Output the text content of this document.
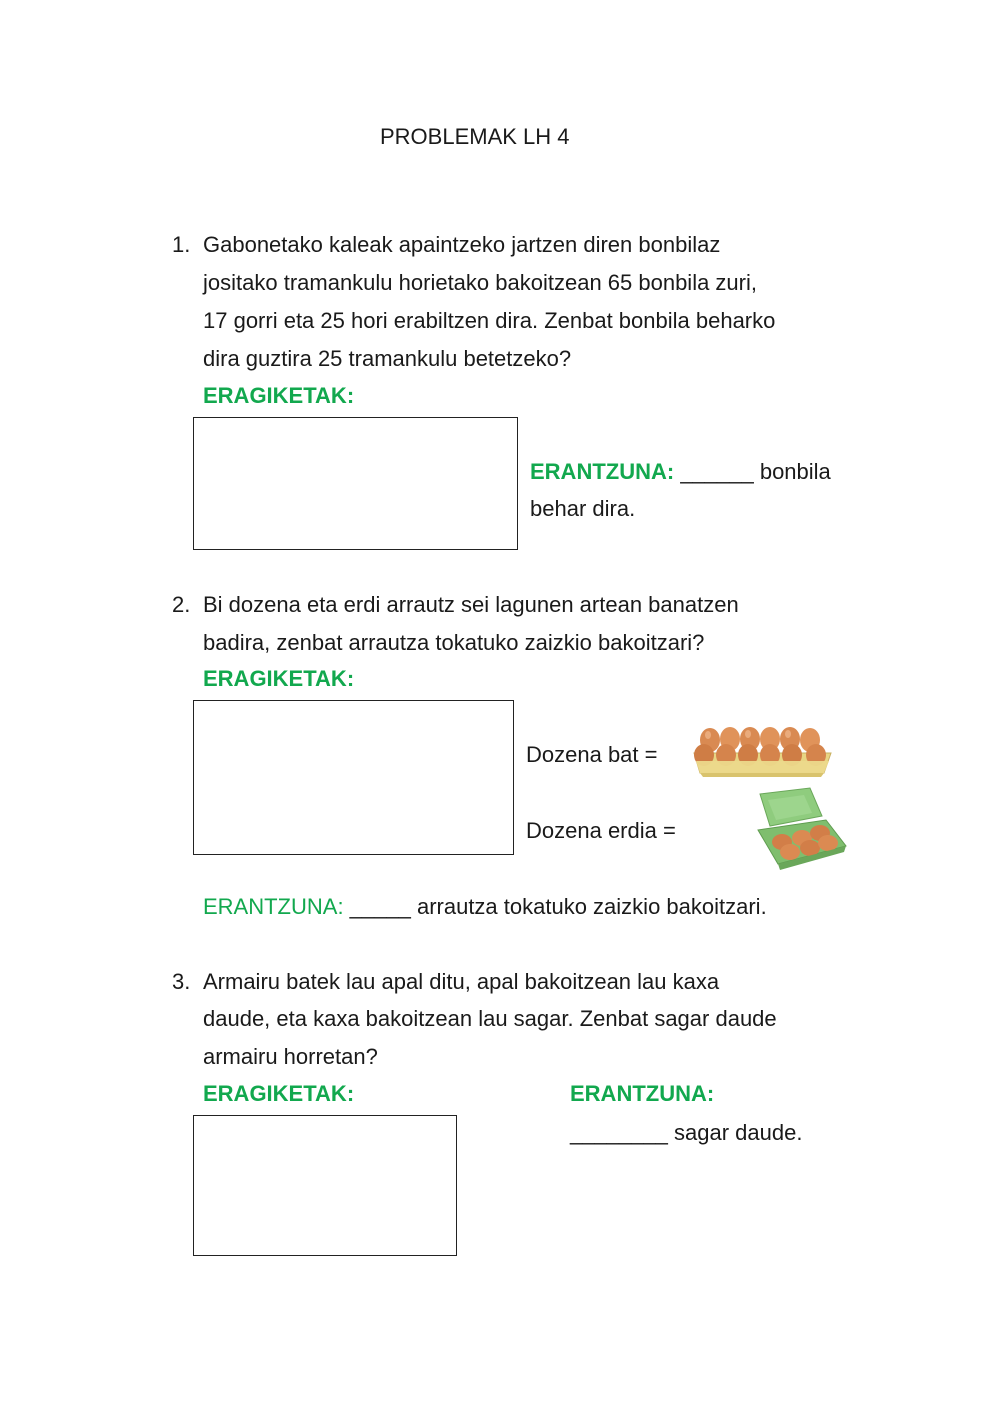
PROBLEMAK LH 4
1. Gabonetako kaleak apaintzeko jartzen diren bonbilaz
jositako tramankulu horietako bakoitzean 65 bonbila zuri,
17 gorri eta 25 hori erabiltzen dira. Zenbat bonbila beharko
dira guztira 25 tramankulu betetzeko?
ERAGIKETAK:
ERANTZUNA: ______ bonbila
behar dira.
2. Bi dozena eta erdi arrautz sei lagunen artean banatzen
badira, zenbat arrautza tokatuko zaizkio bakoitzari?
ERAGIKETAK:
Dozena bat =
Dozena erdia =
ERANTZUNA: _____ arrautza tokatuko zaizkio bakoitzari.
3. Armairu batek lau apal ditu, apal bakoitzean lau kaxa
daude, eta kaxa bakoitzean lau sagar. Zenbat sagar daude
armairu horretan?
ERAGIKETAK:	ERANTZUNA:
________ sagar daude.
